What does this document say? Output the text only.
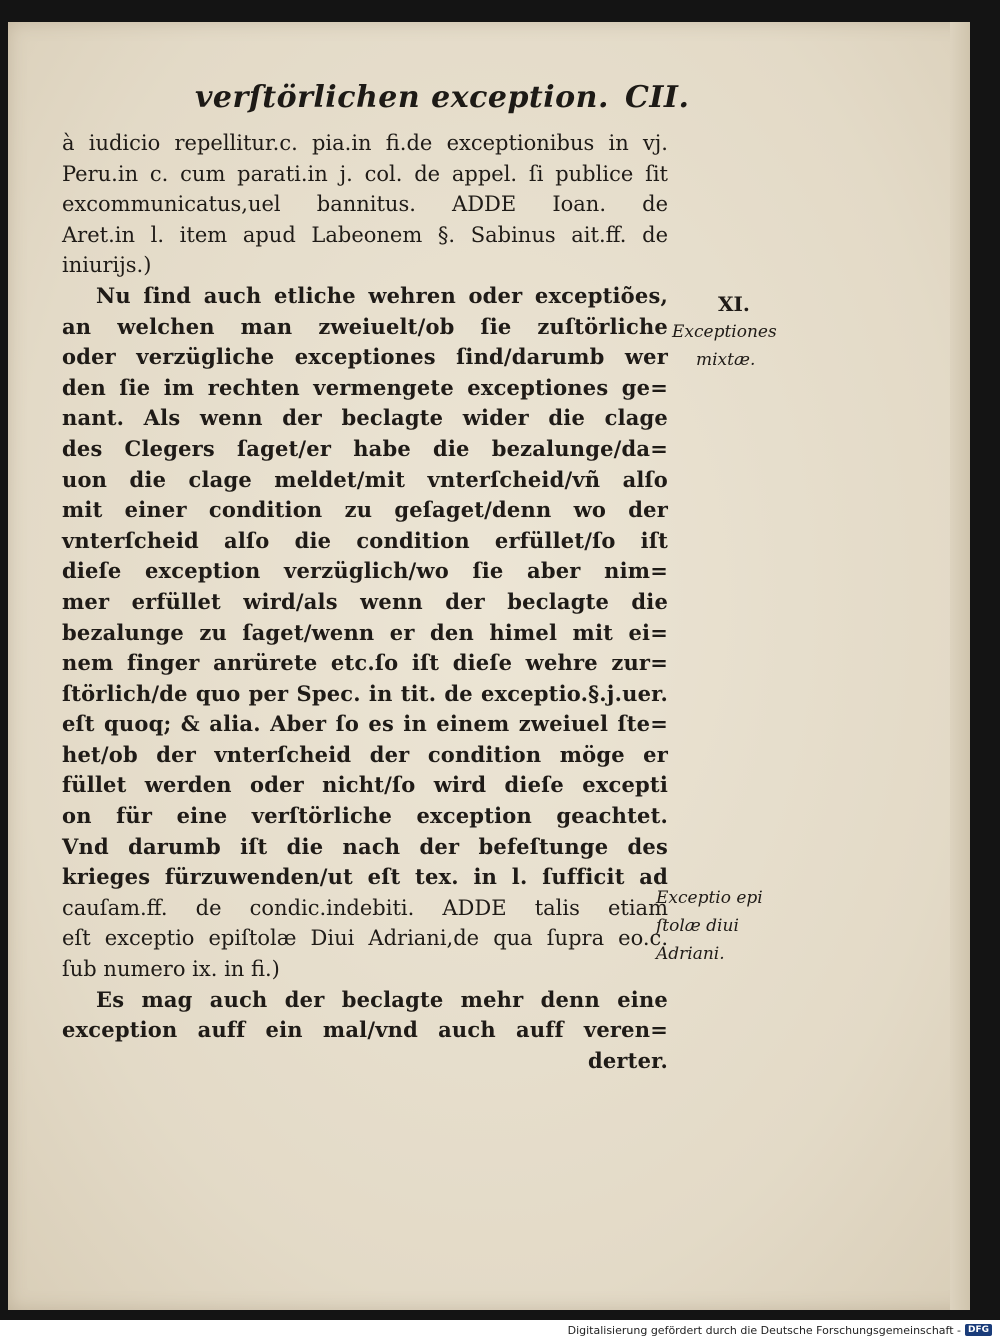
verſtörlichen exception. CII.
à iudicio repellitur.c. pia.in fi.de exceptionibus in vj.
Peru.in c. cum parati.in j. col. de appel. ſi publice ſit
excommunicatus,uel bannitus. ADDE Ioan. de
Aret.in l. item apud Labeonem §. Sabinus ait.ff. de
iniurijs.)
Nu ſind auch etliche wehren oder exceptiões,
an welchen man zweiuelt/ob ſie zuſtörliche
oder verzügliche exceptiones ſind/darumb wer
den ſie im rechten vermengete exceptiones ge=
nant. Als wenn der beclagte wider die clage
des Clegers ſaget/er habe die bezalunge/da=
uon die clage meldet/mit vnterſcheid/vñ alſo
mit einer condition zu geſaget/denn wo der
vnterſcheid alſo die condition erfüllet/ſo iſt
dieſe exception verzüglich/wo ſie aber nim=
mer erfüllet wird/als wenn der beclagte die
bezalunge zu ſaget/wenn er den himel mit ei=
nem finger anrürete etc.ſo iſt dieſe wehre zur=
ſtörlich/de quo per Spec. in tit. de exceptio.§.j.uer.
eſt quoq; & alia. Aber ſo es in einem zweiuel ſte=
het/ob der vnterſcheid der condition möge er
füllet werden oder nicht/ſo wird dieſe excepti
on für eine verſtörliche exception geachtet.
Vnd darumb iſt die nach der befeſtunge des
krieges fürzuwenden/ut eſt tex. in l. ſufficit ad
cauſam.ff. de condic.indebiti. ADDE talis etiam
eſt exceptio epiſtolæ Diui Adriani,de qua ſupra eo.c.
ſub numero ix. in fi.)
Es mag auch der beclagte mehr denn eine
exception auff ein mal/vnd auch auff veren=
derter.
XI.
Exceptiones
mixtæ.
Exceptio epi
ſtolæ diui
Adriani.
Digitalisierung gefördert durch die Deutsche Forschungsgemeinschaft - DFG
